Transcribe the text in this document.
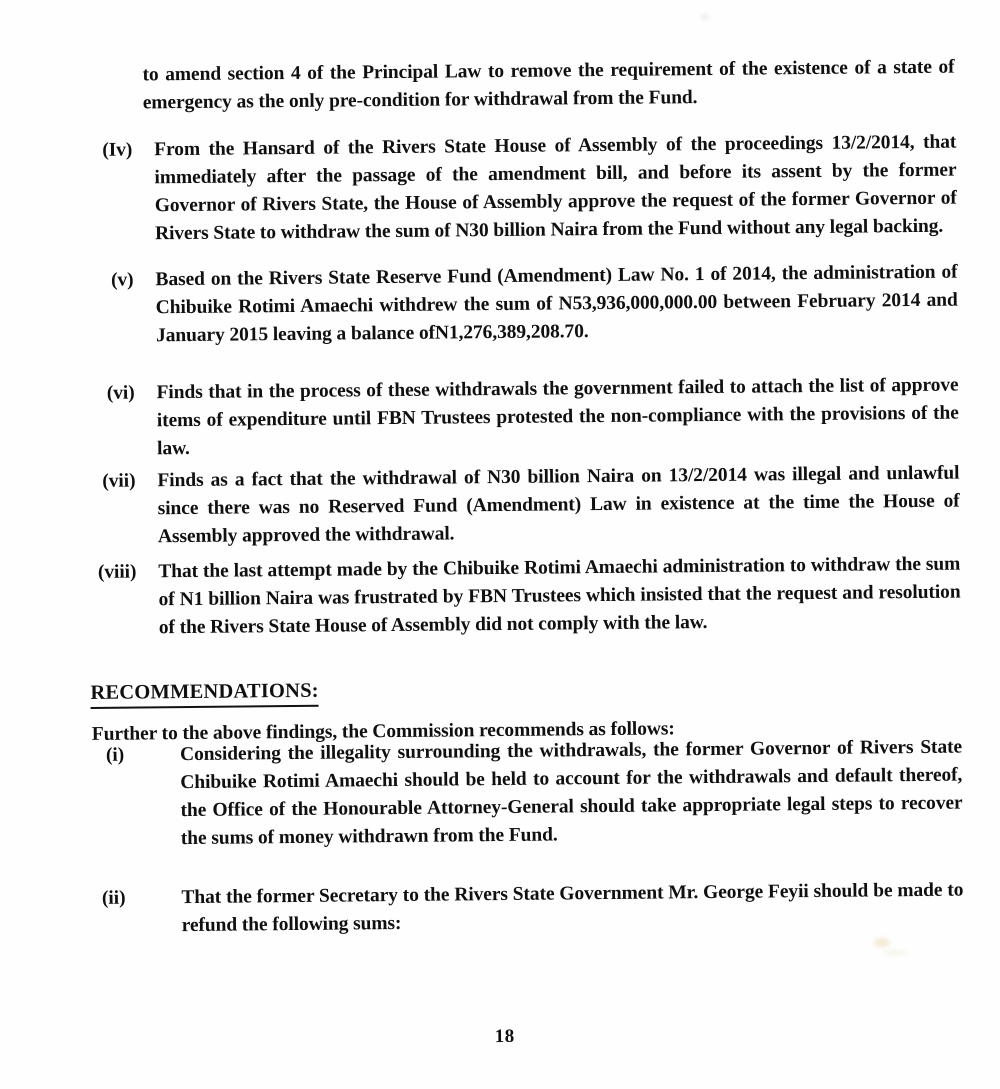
to amend section 4 of the Principal Law to remove the requirement of the existence of a state of emergency as the only pre-condition for withdrawal from the Fund.
(Iv) From the Hansard of the Rivers State House of Assembly of the proceedings 13/2/2014, that immediately after the passage of the amendment bill, and before its assent by the former Governor of Rivers State, the House of Assembly approve the request of the former Governor of Rivers State to withdraw the sum of N30 billion Naira from the Fund without any legal backing.
(v) Based on the Rivers State Reserve Fund (Amendment) Law No. 1 of 2014, the administration of Chibuike Rotimi Amaechi withdrew the sum of N53,936,000,000.00 between February 2014 and January 2015 leaving a balance ofN1,276,389,208.70.
(vi) Finds that in the process of these withdrawals the government failed to attach the list of approve items of expenditure until FBN Trustees protested the non-compliance with the provisions of the law.
(vii) Finds as a fact that the withdrawal of N30 billion Naira on 13/2/2014 was illegal and unlawful since there was no Reserved Fund (Amendment) Law in existence at the time the House of Assembly approved the withdrawal.
(viii) That the last attempt made by the Chibuike Rotimi Amaechi administration to withdraw the sum of N1 billion Naira was frustrated by FBN Trustees which insisted that the request and resolution of the Rivers State House of Assembly did not comply with the law.
RECOMMENDATIONS:
Further to the above findings, the Commission recommends as follows:
(i)	Considering the illegality surrounding the withdrawals, the former Governor of Rivers State Chibuike Rotimi Amaechi should be held to account for the withdrawals and default thereof, the Office of the Honourable Attorney-General should take appropriate legal steps to recover the sums of money withdrawn from the Fund.
(ii)	That the former Secretary to the Rivers State Government Mr. George Feyii should be made to refund the following sums:
18
